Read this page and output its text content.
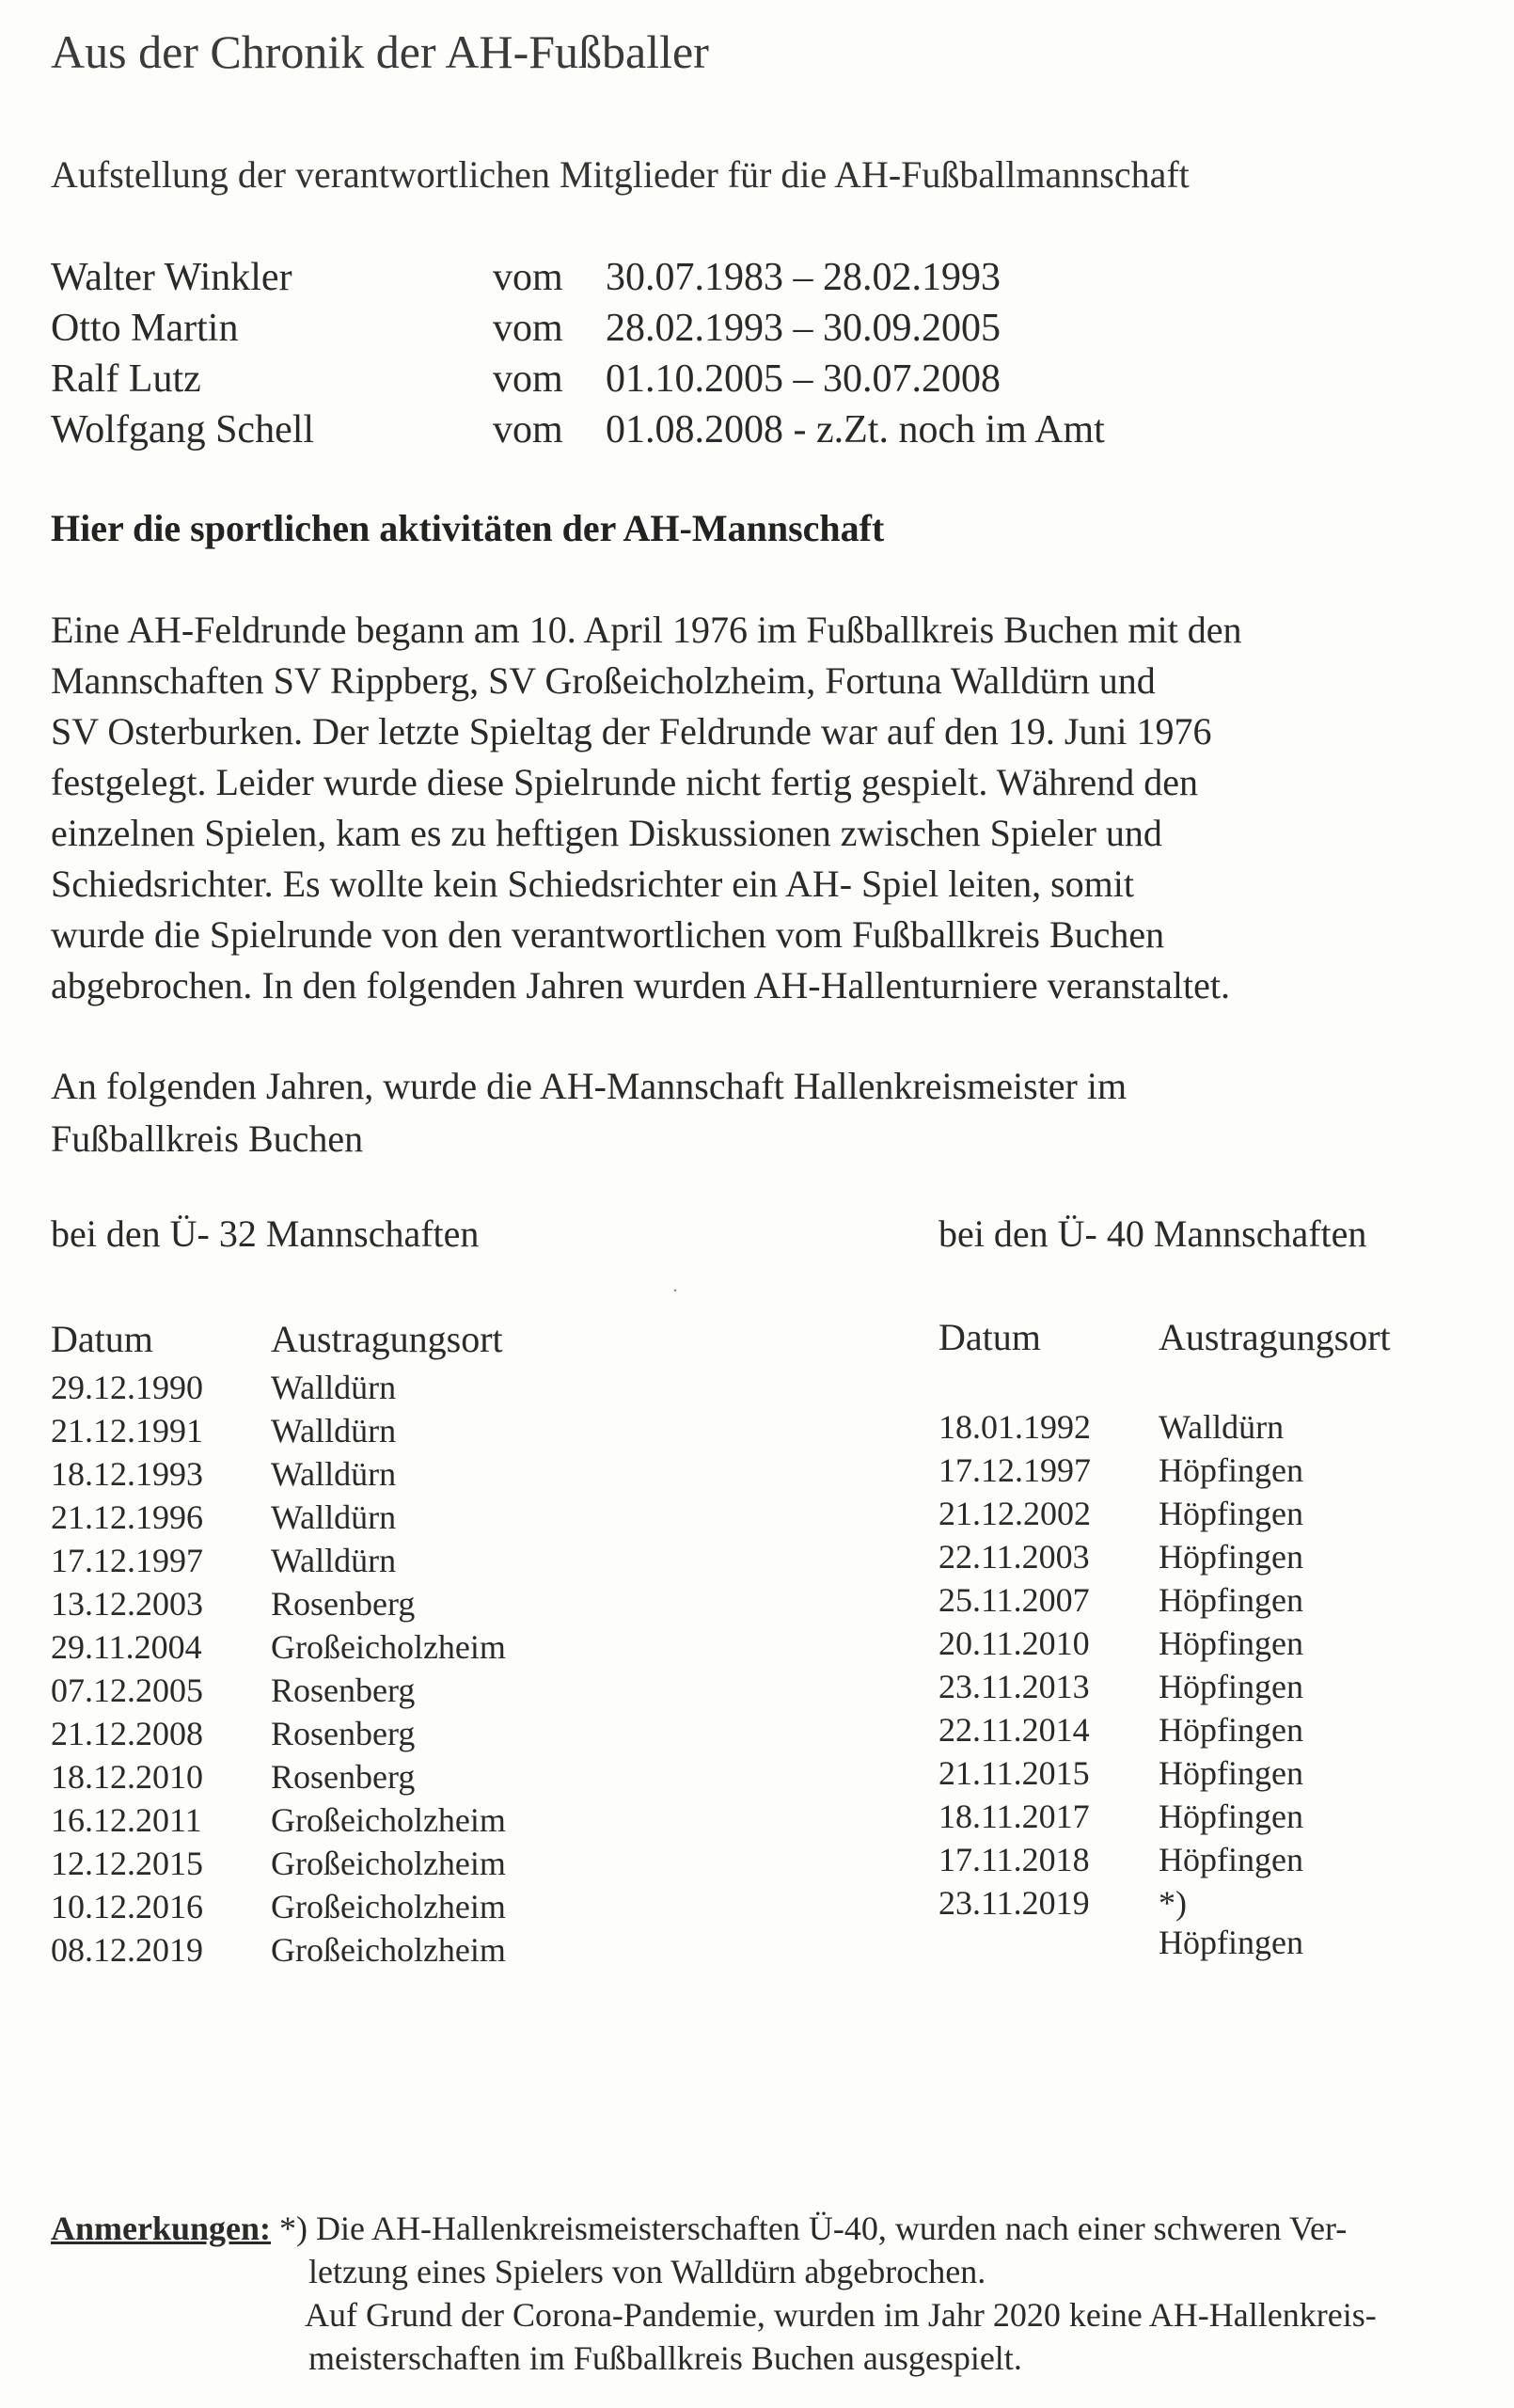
Aus der Chronik der AH-Fußballer
Aufstellung der verantwortlichen Mitglieder für die AH-Fußballmannschaft
Walter Winkler	vom 30.07.1983 – 28.02.1993
Otto Martin	vom 28.02.1993 – 30.09.2005
Ralf Lutz	vom 01.10.2005 – 30.07.2008
Wolfgang Schell	vom 01.08.2008 - z.Zt. noch im Amt
Hier die sportlichen aktivitäten der AH-Mannschaft
Eine AH-Feldrunde begann am 10. April 1976 im Fußballkreis Buchen mit den
Mannschaften SV Rippberg, SV Großeicholzheim, Fortuna Walldürn und
SV Osterburken. Der letzte Spieltag der Feldrunde war auf den 19. Juni 1976
festgelegt. Leider wurde diese Spielrunde nicht fertig gespielt. Während den
einzelnen Spielen, kam es zu heftigen Diskussionen zwischen Spieler und
Schiedsrichter. Es wollte kein Schiedsrichter ein AH- Spiel leiten, somit
wurde die Spielrunde von den verantwortlichen vom Fußballkreis Buchen
abgebrochen. In den folgenden Jahren wurden AH-Hallenturniere veranstaltet.
An folgenden Jahren, wurde die AH-Mannschaft Hallenkreismeister im
Fußballkreis Buchen
bei den Ü- 32 Mannschaften	bei den Ü- 40 Mannschaften
⋅
Datum	Austragungsort
29.12.1990 Walldürn
21.12.1991 Walldürn
18.12.1993 Walldürn
21.12.1996 Walldürn
17.12.1997 Walldürn
13.12.2003 Rosenberg
29.11.2004 Großeicholzheim
07.12.2005 Rosenberg
21.12.2008 Rosenberg
18.12.2010 Rosenberg
16.12.2011 Großeicholzheim
12.12.2015 Großeicholzheim
10.12.2016 Großeicholzheim
08.12.2019 Großeicholzheim
Datum	Austragungsort
18.01.1992 Walldürn
17.12.1997 Höpfingen
21.12.2002 Höpfingen
22.11.2003 Höpfingen
25.11.2007 Höpfingen
20.11.2010 Höpfingen
23.11.2013 Höpfingen
22.11.2014 Höpfingen
21.11.2015 Höpfingen
18.11.2017 Höpfingen
17.11.2018 Höpfingen
23.11.2019 *) Höpfingen
Anmerkungen: *) Die AH-Hallenkreismeisterschaften Ü-40, wurden nach einer schweren Ver-
letzung eines Spielers von Walldürn abgebrochen.
Auf Grund der Corona-Pandemie, wurden im Jahr 2020 keine AH-Hallenkreis-
meisterschaften im Fußballkreis Buchen ausgespielt.
